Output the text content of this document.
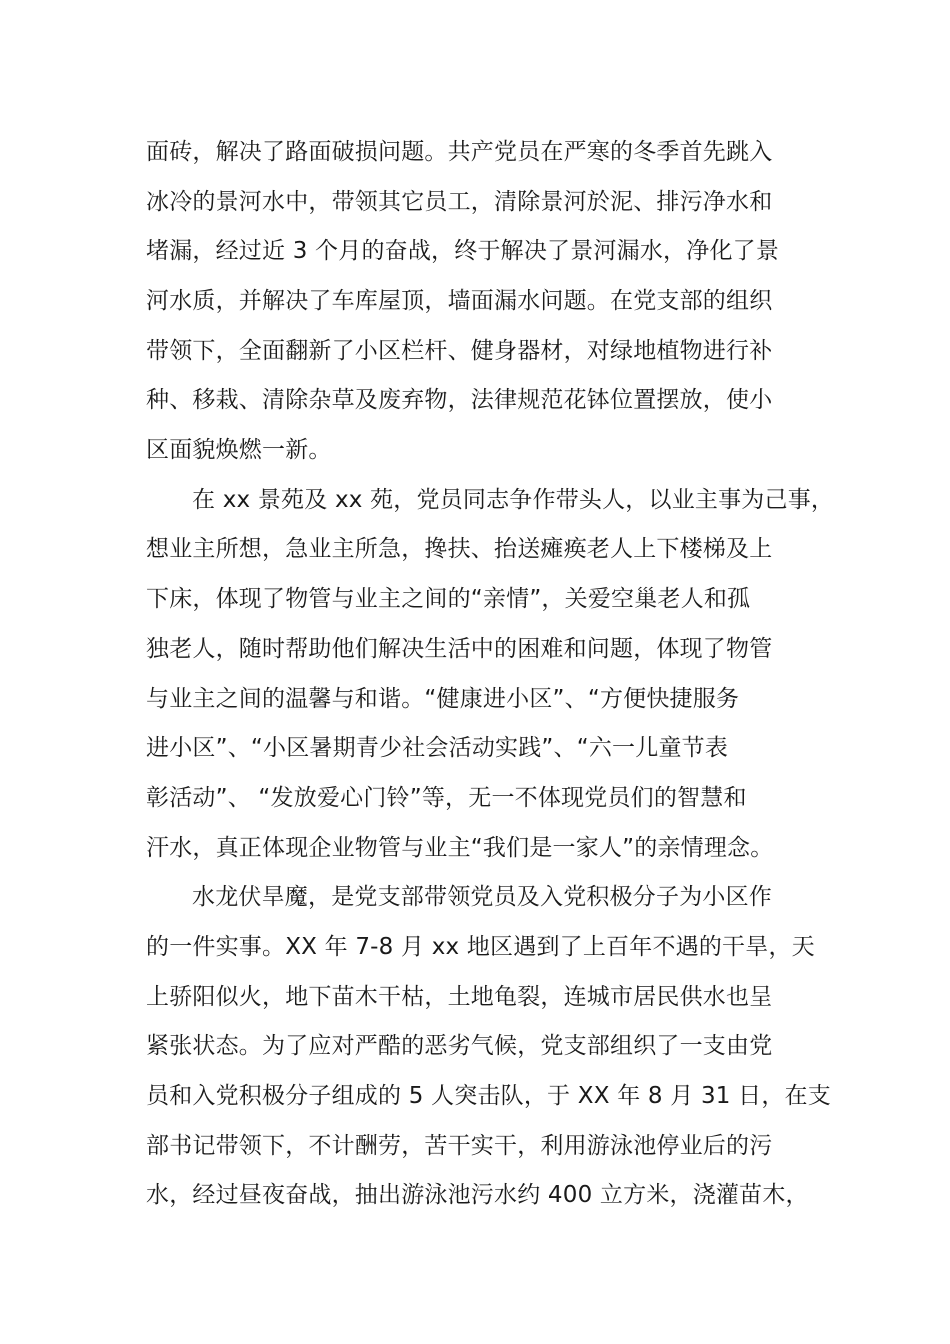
面砖，解决了路面破损问题。共产党员在严寒的冬季首先跳入
冰冷的景河水中，带领其它员工，清除景河於泥、排污净水和
堵漏，经过近 3 个月的奋战，终于解决了景河漏水，净化了景
河水质，并解决了车库屋顶，墙面漏水问题。在党支部的组织
带领下，全面翻新了小区栏杆、健身器材，对绿地植物进行补
种、移栽、清除杂草及废弃物，法律规范花钵位置摆放，使小
区面貌焕燃一新。
在 xx 景苑及 xx 苑，党员同志争作带头人，以业主事为己事，
想业主所想，急业主所急，搀扶、抬送瘫痪老人上下楼梯及上
下床，体现了物管与业主之间的“亲情”，关爱空巢老人和孤
独老人，随时帮助他们解决生活中的困难和问题，体现了物管
与业主之间的温馨与和谐。“健康进小区”、“方便快捷服务
进小区”、“小区暑期青少社会活动实践”、“六一儿童节表
彰活动”、 “发放爱心门铃”等，无一不体现党员们的智慧和
汗水，真正体现企业物管与业主“我们是一家人”的亲情理念。
水龙伏旱魔，是党支部带领党员及入党积极分子为小区作
的一件实事。XX 年 7-8 月 xx 地区遇到了上百年不遇的干旱，天
上骄阳似火，地下苗木干枯，土地龟裂，连城市居民供水也呈
紧张状态。为了应对严酷的恶劣气候，党支部组织了一支由党
员和入党积极分子组成的 5 人突击队，于 XX 年 8 月 31 日，在支
部书记带领下，不计酬劳，苦干实干，利用游泳池停业后的污
水，经过昼夜奋战，抽出游泳池污水约 400 立方米，浇灌苗木，
